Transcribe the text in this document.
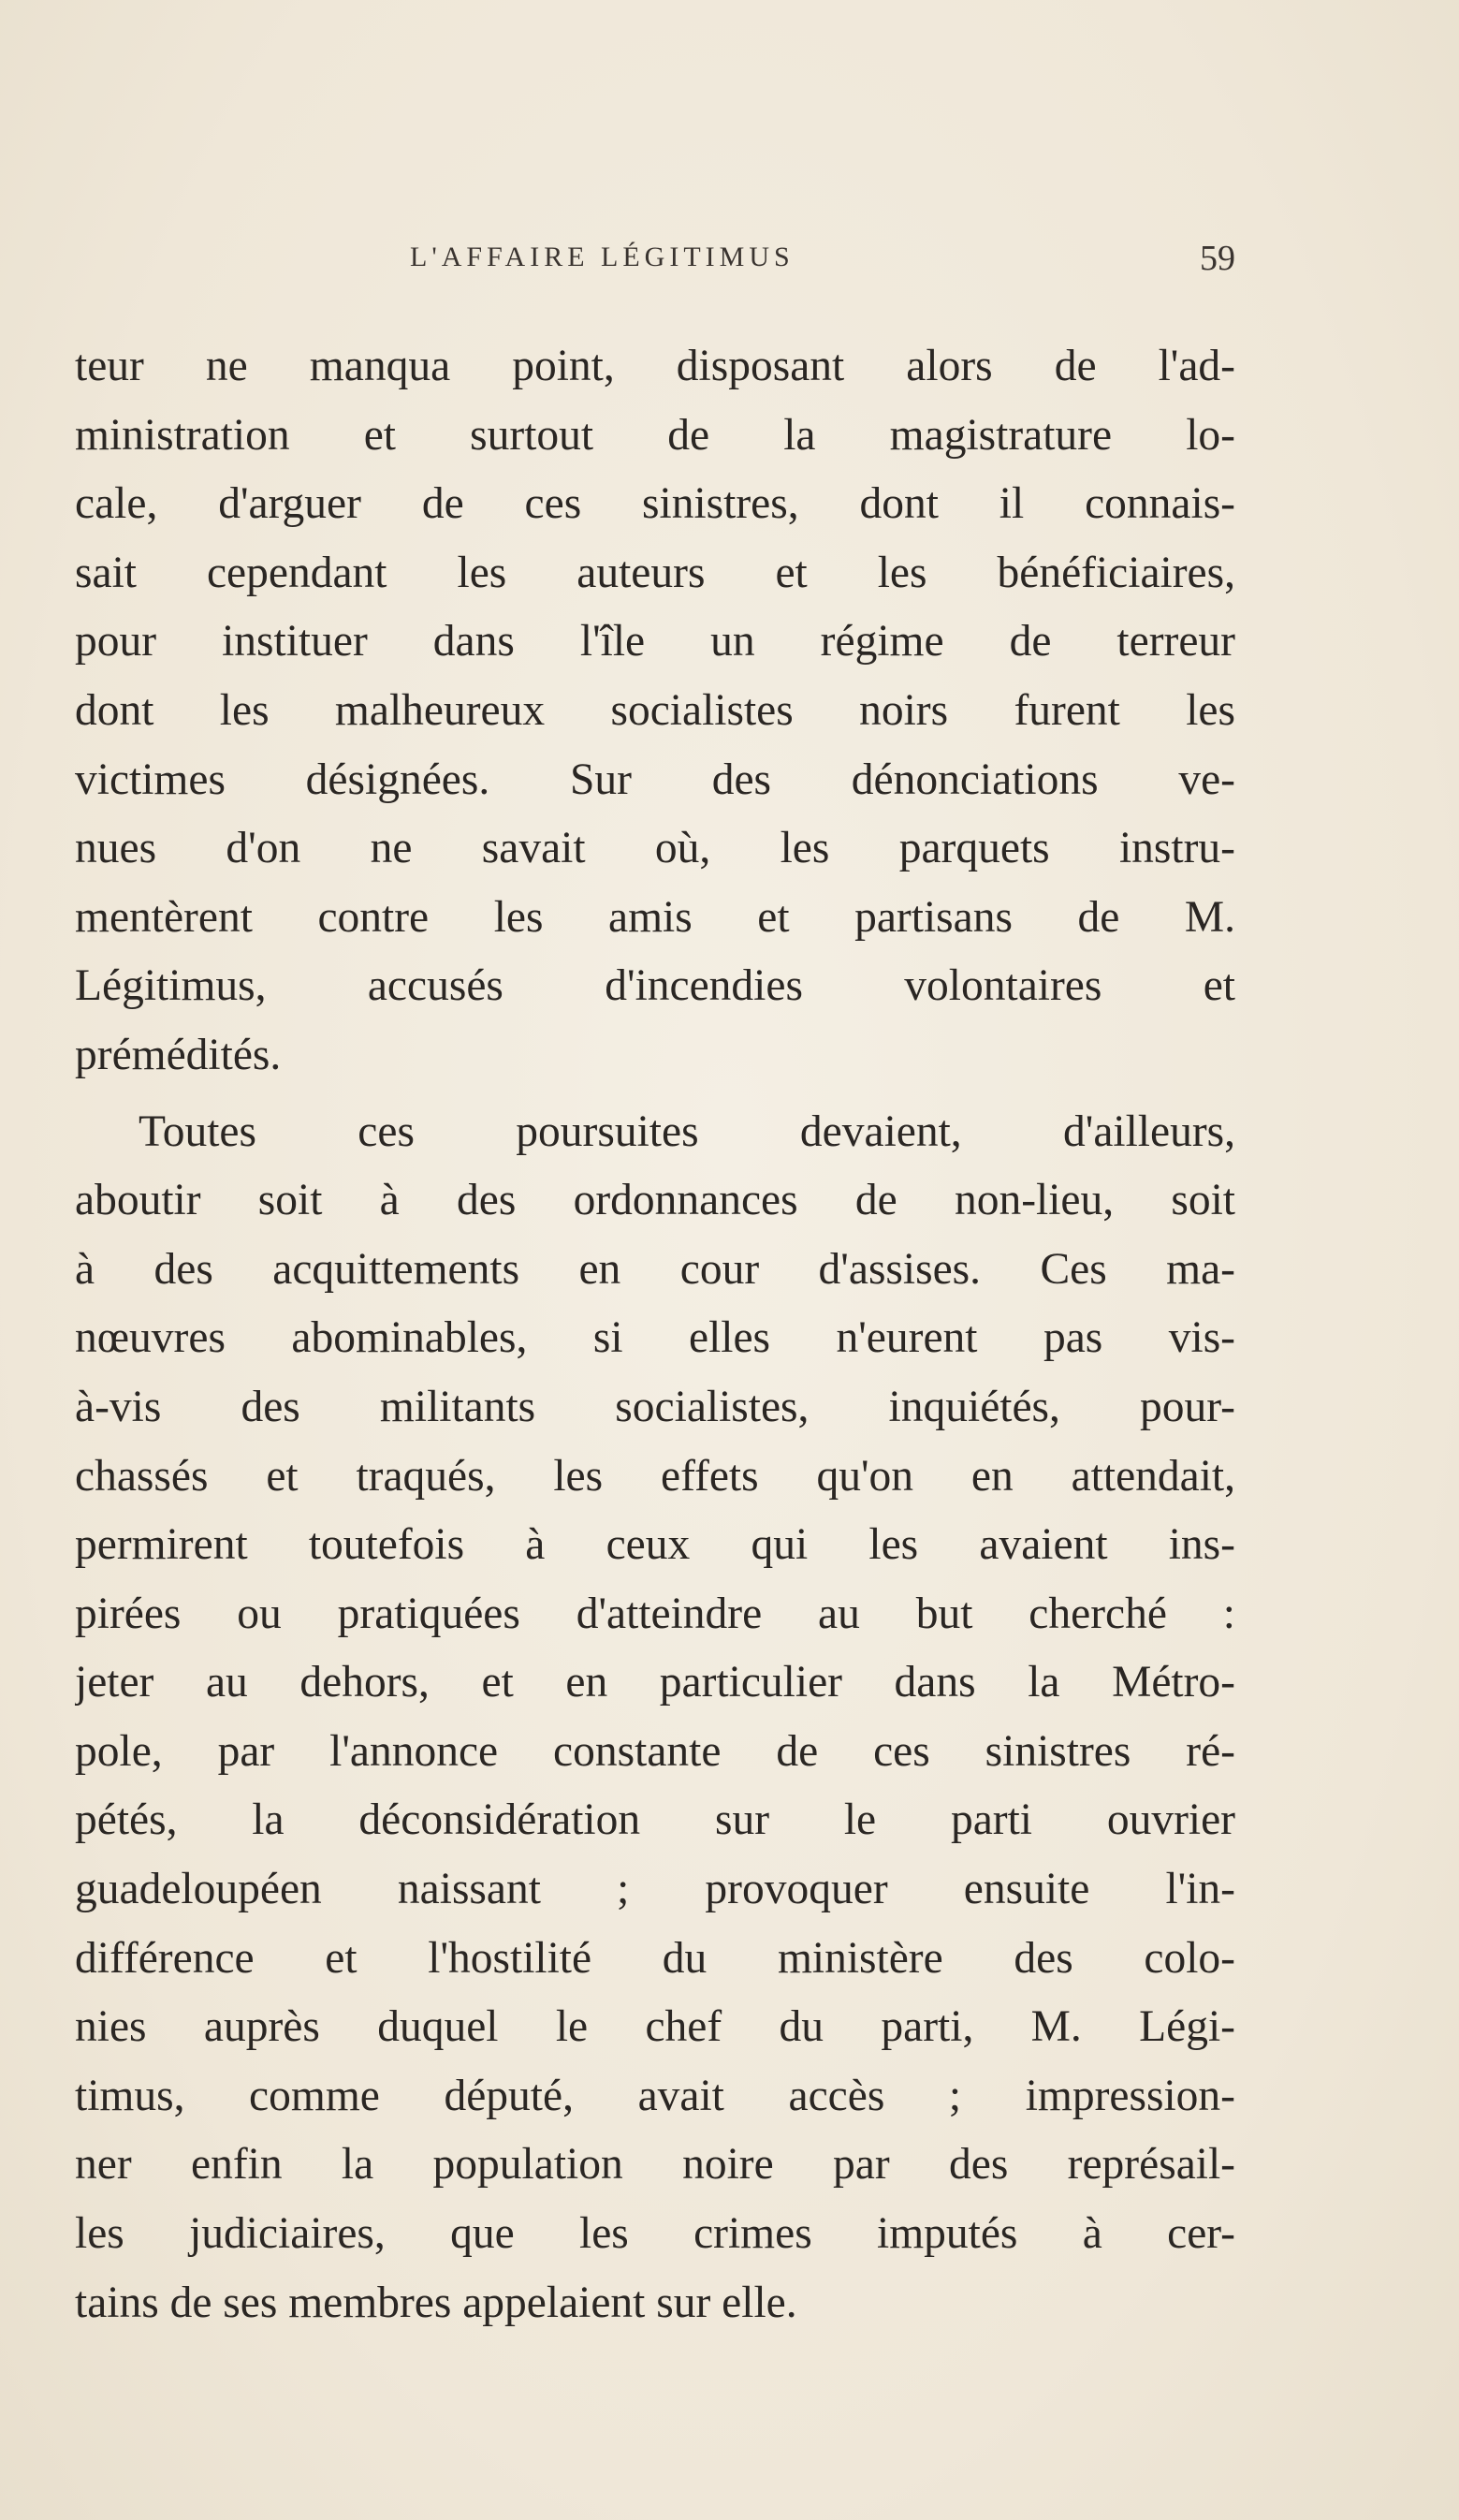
L'AFFAIRE LÉGITIMUS	59
teur ne manqua point, disposant alors de l'ad-
ministration et surtout de la magistrature lo-
cale, d'arguer de ces sinistres, dont il connais-
sait cependant les auteurs et les bénéficiaires,
pour instituer dans l'île un régime de terreur
dont les malheureux socialistes noirs furent les
victimes désignées. Sur des dénonciations ve-
nues d'on ne savait où, les parquets instru-
mentèrent contre les amis et partisans de M.
Légitimus, accusés d'incendies volontaires et
prémédités.
Toutes ces poursuites devaient, d'ailleurs,
aboutir soit à des ordonnances de non-lieu, soit
à des acquittements en cour d'assises. Ces ma-
nœuvres abominables, si elles n'eurent pas vis-
à-vis des militants socialistes, inquiétés, pour-
chassés et traqués, les effets qu'on en attendait,
permirent toutefois à ceux qui les avaient ins-
pirées ou pratiquées d'atteindre au but cherché :
jeter au dehors, et en particulier dans la Métro-
pole, par l'annonce constante de ces sinistres ré-
pétés, la déconsidération sur le parti ouvrier
guadeloupéen naissant ; provoquer ensuite l'in-
différence et l'hostilité du ministère des colo-
nies auprès duquel le chef du parti, M. Légi-
timus, comme député, avait accès ; impression-
ner enfin la population noire par des représail-
les judiciaires, que les crimes imputés à cer-
tains de ses membres appelaient sur elle.
